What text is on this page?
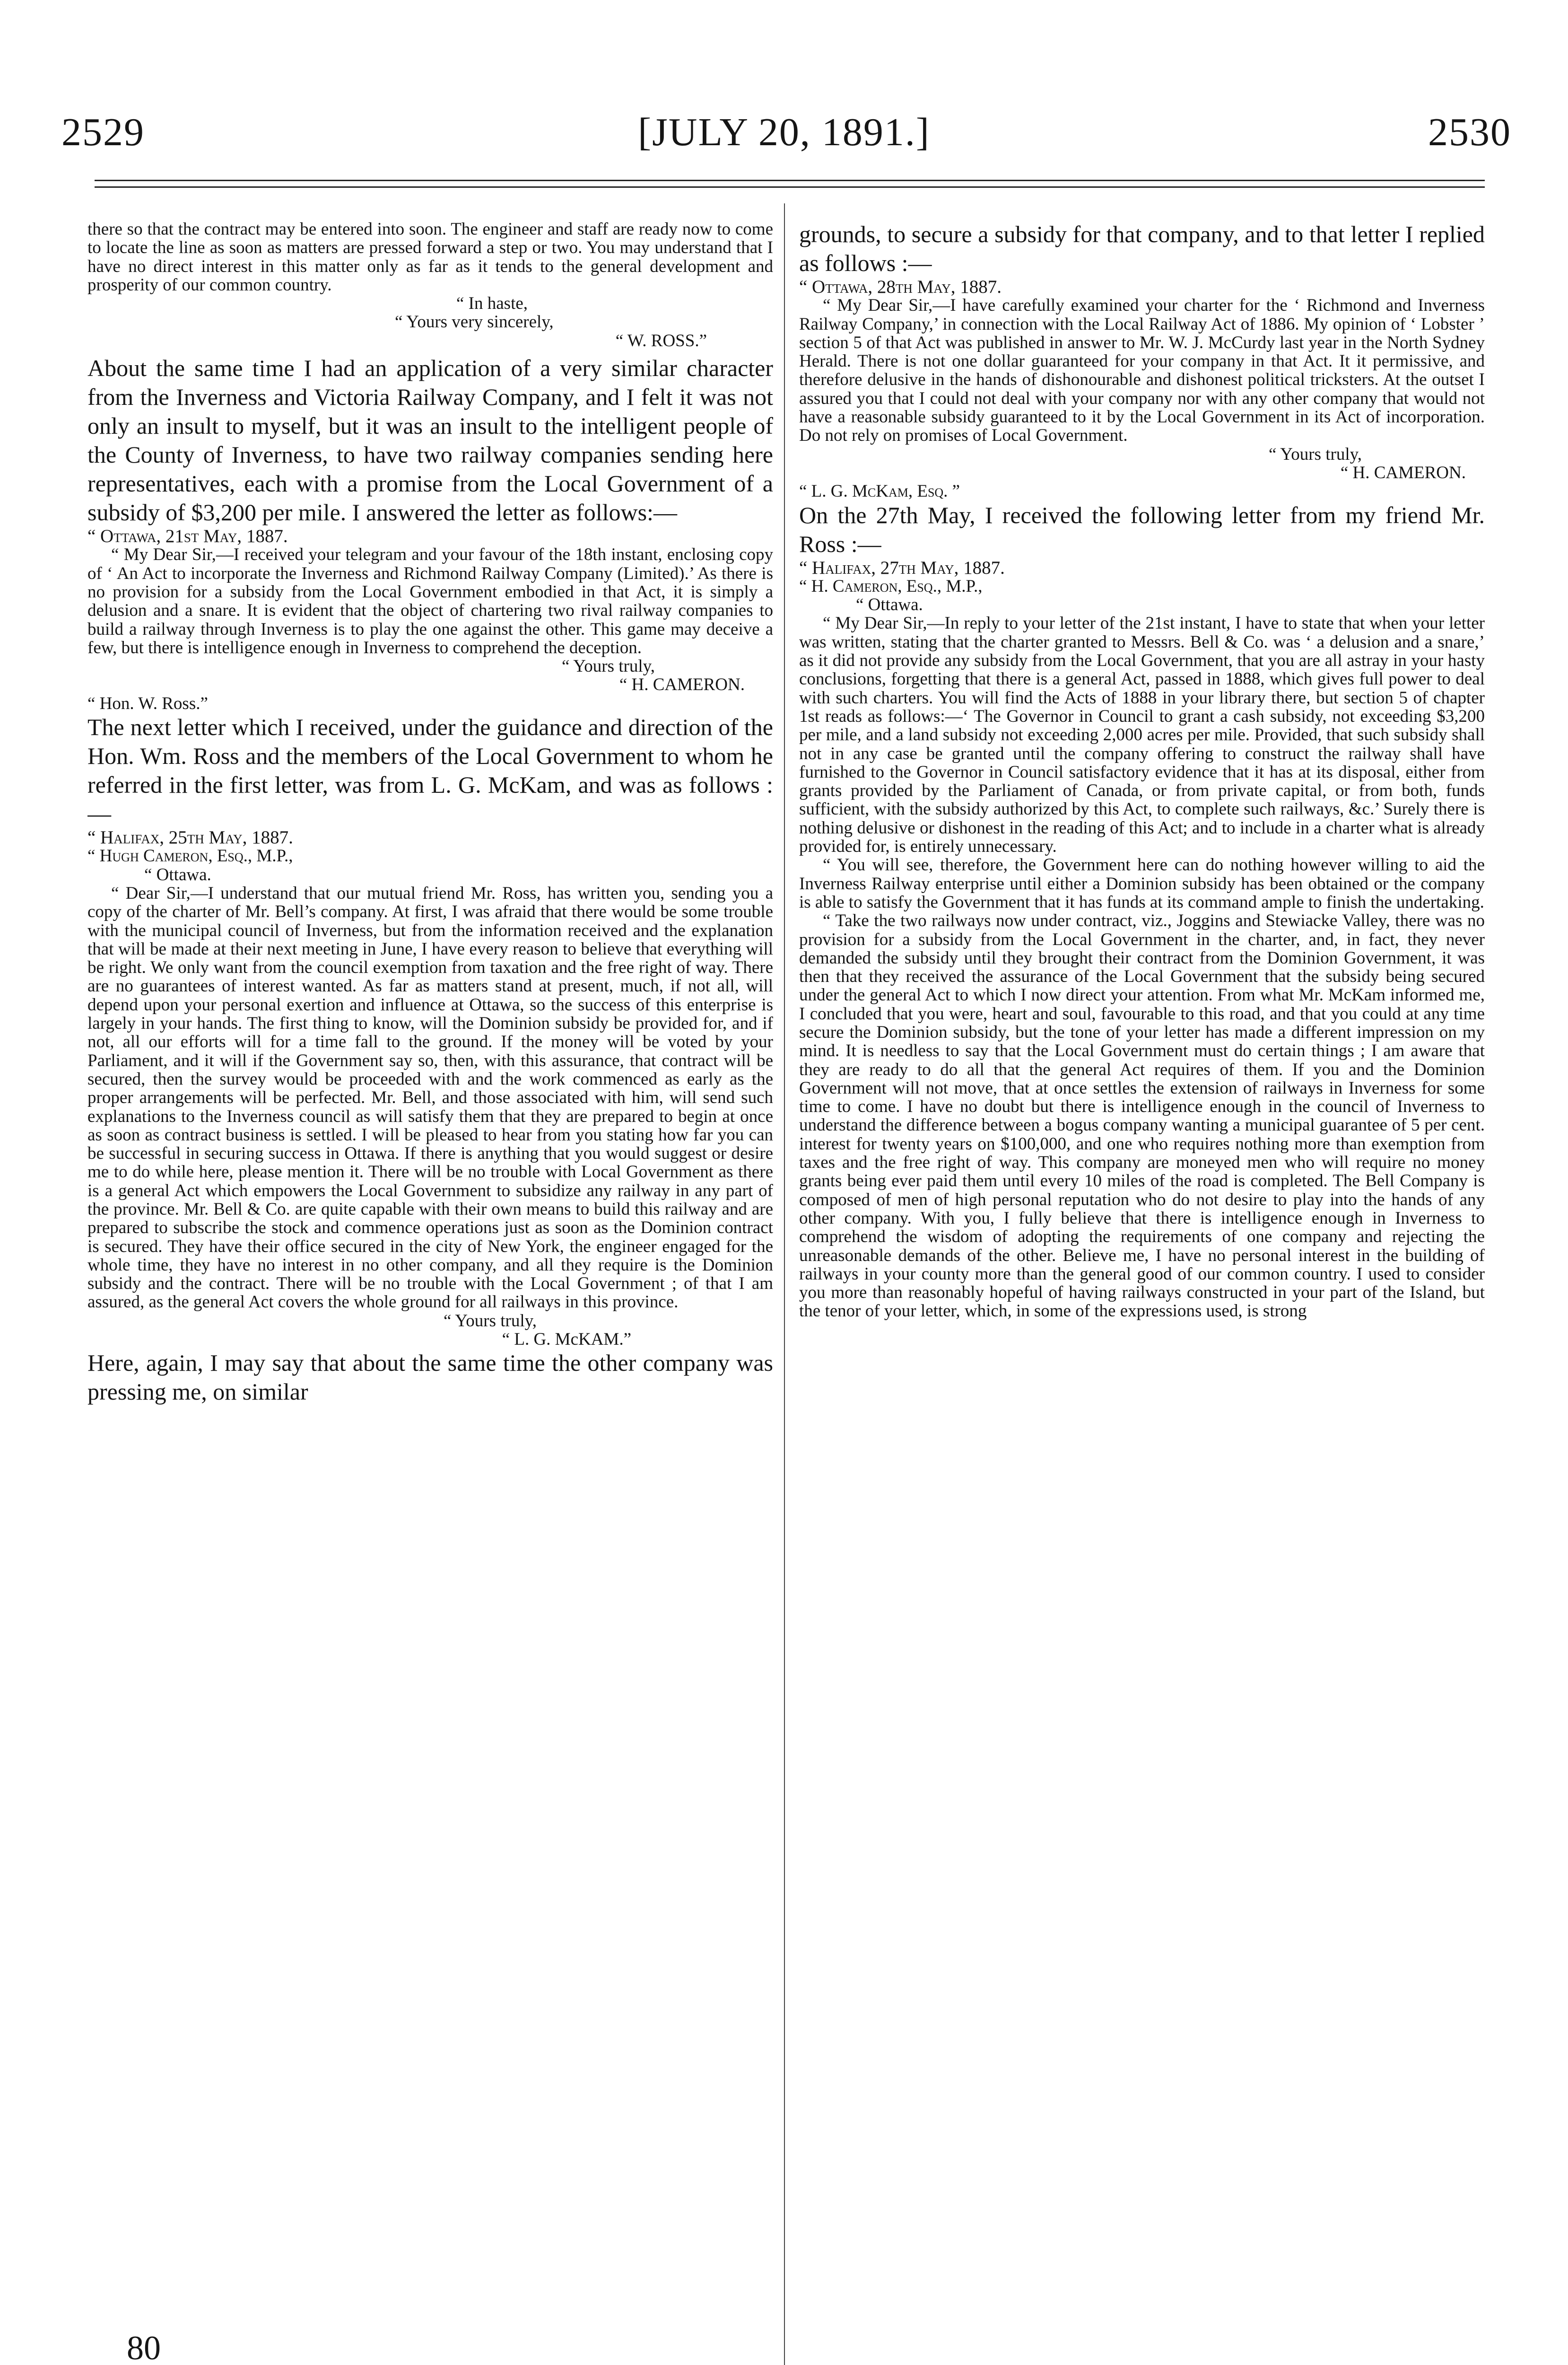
2529	[JULY 20, 1891.]	2530

there so that the contract may be entered into soon. The engineer and staff are ready now to come to locate the line as soon as matters are pressed forward a step or two. You may understand that I have no direct interest in this matter only as far as it tends to the general development and prosperity of our common country.

“ In haste,

“ Yours very sincerely,

“ W. ROSS.”

About the same time I had an application of a very similar character from the Inverness and Victoria Railway Company, and I felt it was not only an insult to myself, but it was an insult to the intelligent people of the County of Inverness, to have two railway companies sending here representatives, each with a promise from the Local Government of a subsidy of $3,200 per mile. I answered the letter as follows:—

“ Ottawa, 21st May, 1887.

“ My Dear Sir,—I received your telegram and your favour of the 18th instant, enclosing copy of ‘ An Act to incorporate the Inverness and Richmond Railway Company (Limited).’ As there is no provision for a subsidy from the Local Government embodied in that Act, it is simply a delusion and a snare. It is evident that the object of chartering two rival railway companies to build a railway through Inverness is to play the one against the other. This game may deceive a few, but there is intelligence enough in Inverness to comprehend the deception.

“ Yours truly,

“ H. CAMERON.

“ Hon. W. Ross.”

The next letter which I received, under the guidance and direction of the Hon. Wm. Ross and the members of the Local Government to whom he referred in the first letter, was from L. G. McKam, and was as follows :—

“ Halifax, 25th May, 1887.

“ Hugh Cameron, Esq., M.P.,

“ Ottawa.

“ Dear Sir,—I understand that our mutual friend Mr. Ross, has written you, sending you a copy of the charter of Mr. Bell’s company. At first, I was afraid that there would be some trouble with the municipal council of Inverness, but from the information received and the explanation that will be made at their next meeting in June, I have every reason to believe that everything will be right. We only want from the council exemption from taxation and the free right of way. There are no guarantees of interest wanted. As far as matters stand at present, much, if not all, will depend upon your personal exertion and influence at Ottawa, so the success of this enterprise is largely in your hands. The first thing to know, will the Dominion subsidy be provided for, and if not, all our efforts will for a time fall to the ground. If the money will be voted by your Parliament, and it will if the Government say so, then, with this assurance, that contract will be secured, then the survey would be proceeded with and the work commenced as early as the proper arrangements will be perfected. Mr. Bell, and those associated with him, will send such explanations to the Inverness council as will satisfy them that they are prepared to begin at once as soon as contract business is settled. I will be pleased to hear from you stating how far you can be successful in securing success in Ottawa. If there is anything that you would suggest or desire me to do while here, please mention it. There will be no trouble with Local Government as there is a general Act which empowers the Local Government to subsidize any railway in any part of the province. Mr. Bell & Co. are quite capable with their own means to build this railway and are prepared to subscribe the stock and commence operations just as soon as the Dominion contract is secured. They have their office secured in the city of New York, the engineer engaged for the whole time, they have no interest in no other company, and all they require is the Dominion subsidy and the contract. There will be no trouble with the Local Government ; of that I am assured, as the general Act covers the whole ground for all railways in this province.

“ Yours truly,

“ L. G. McKAM.”

Here, again, I may say that about the same time the other company was pressing me, on similar

grounds, to secure a subsidy for that company, and to that letter I replied as follows :—

“ Ottawa, 28th May, 1887.

“ My Dear Sir,—I have carefully examined your charter for the ‘ Richmond and Inverness Railway Company,’ in connection with the Local Railway Act of 1886. My opinion of ‘ Lobster ’ section 5 of that Act was published in answer to Mr. W. J. McCurdy last year in the North Sydney Herald. There is not one dollar guaranteed for your company in that Act. It it permissive, and therefore delusive in the hands of dishonourable and dishonest political tricksters. At the outset I assured you that I could not deal with your company nor with any other company that would not have a reasonable subsidy guaranteed to it by the Local Government in its Act of incorporation. Do not rely on promises of Local Government.

“ Yours truly,

“ H. CAMERON.

“ L. G. McKam, Esq. ”

On the 27th May, I received the following letter from my friend Mr. Ross :—

“ Halifax, 27th May, 1887.

“ H. Cameron, Esq., M.P.,

“ Ottawa.

“ My Dear Sir,—In reply to your letter of the 21st instant, I have to state that when your letter was written, stating that the charter granted to Messrs. Bell & Co. was ‘ a delusion and a snare,’ as it did not provide any subsidy from the Local Government, that you are all astray in your hasty conclusions, forgetting that there is a general Act, passed in 1888, which gives full power to deal with such charters. You will find the Acts of 1888 in your library there, but section 5 of chapter 1st reads as follows:—‘ The Governor in Council to grant a cash subsidy, not exceeding $3,200 per mile, and a land subsidy not exceeding 2,000 acres per mile. Provided, that such subsidy shall not in any case be granted until the company offering to construct the railway shall have furnished to the Governor in Council satisfactory evidence that it has at its disposal, either from grants provided by the Parliament of Canada, or from private capital, or from both, funds sufficient, with the subsidy authorized by this Act, to complete such railways, &c.’ Surely there is nothing delusive or dishonest in the reading of this Act; and to include in a charter what is already provided for, is entirely unnecessary.

“ You will see, therefore, the Government here can do nothing however willing to aid the Inverness Railway enterprise until either a Dominion subsidy has been obtained or the company is able to satisfy the Government that it has funds at its command ample to finish the undertaking.

“ Take the two railways now under contract, viz., Joggins and Stewiacke Valley, there was no provision for a subsidy from the Local Government in the charter, and, in fact, they never demanded the subsidy until they brought their contract from the Dominion Government, it was then that they received the assurance of the Local Government that the subsidy being secured under the general Act to which I now direct your attention. From what Mr. McKam informed me, I concluded that you were, heart and soul, favourable to this road, and that you could at any time secure the Dominion subsidy, but the tone of your letter has made a different impression on my mind. It is needless to say that the Local Government must do certain things ; I am aware that they are ready to do all that the general Act requires of them. If you and the Dominion Government will not move, that at once settles the extension of railways in Inverness for some time to come. I have no doubt but there is intelligence enough in the council of Inverness to understand the difference between a bogus company wanting a municipal guarantee of 5 per cent. interest for twenty years on $100,000, and one who requires nothing more than exemption from taxes and the free right of way. This company are moneyed men who will require no money grants being ever paid them until every 10 miles of the road is completed. The Bell Company is composed of men of high personal reputation who do not desire to play into the hands of any other company. With you, I fully believe that there is intelligence enough in Inverness to comprehend the wisdom of adopting the requirements of one company and rejecting the unreasonable demands of the other. Believe me, I have no personal interest in the building of railways in your county more than the general good of our common country. I used to consider you more than reasonably hopeful of having railways constructed in your part of the Island, but the tenor of your letter, which, in some of the expressions used, is strong

80
